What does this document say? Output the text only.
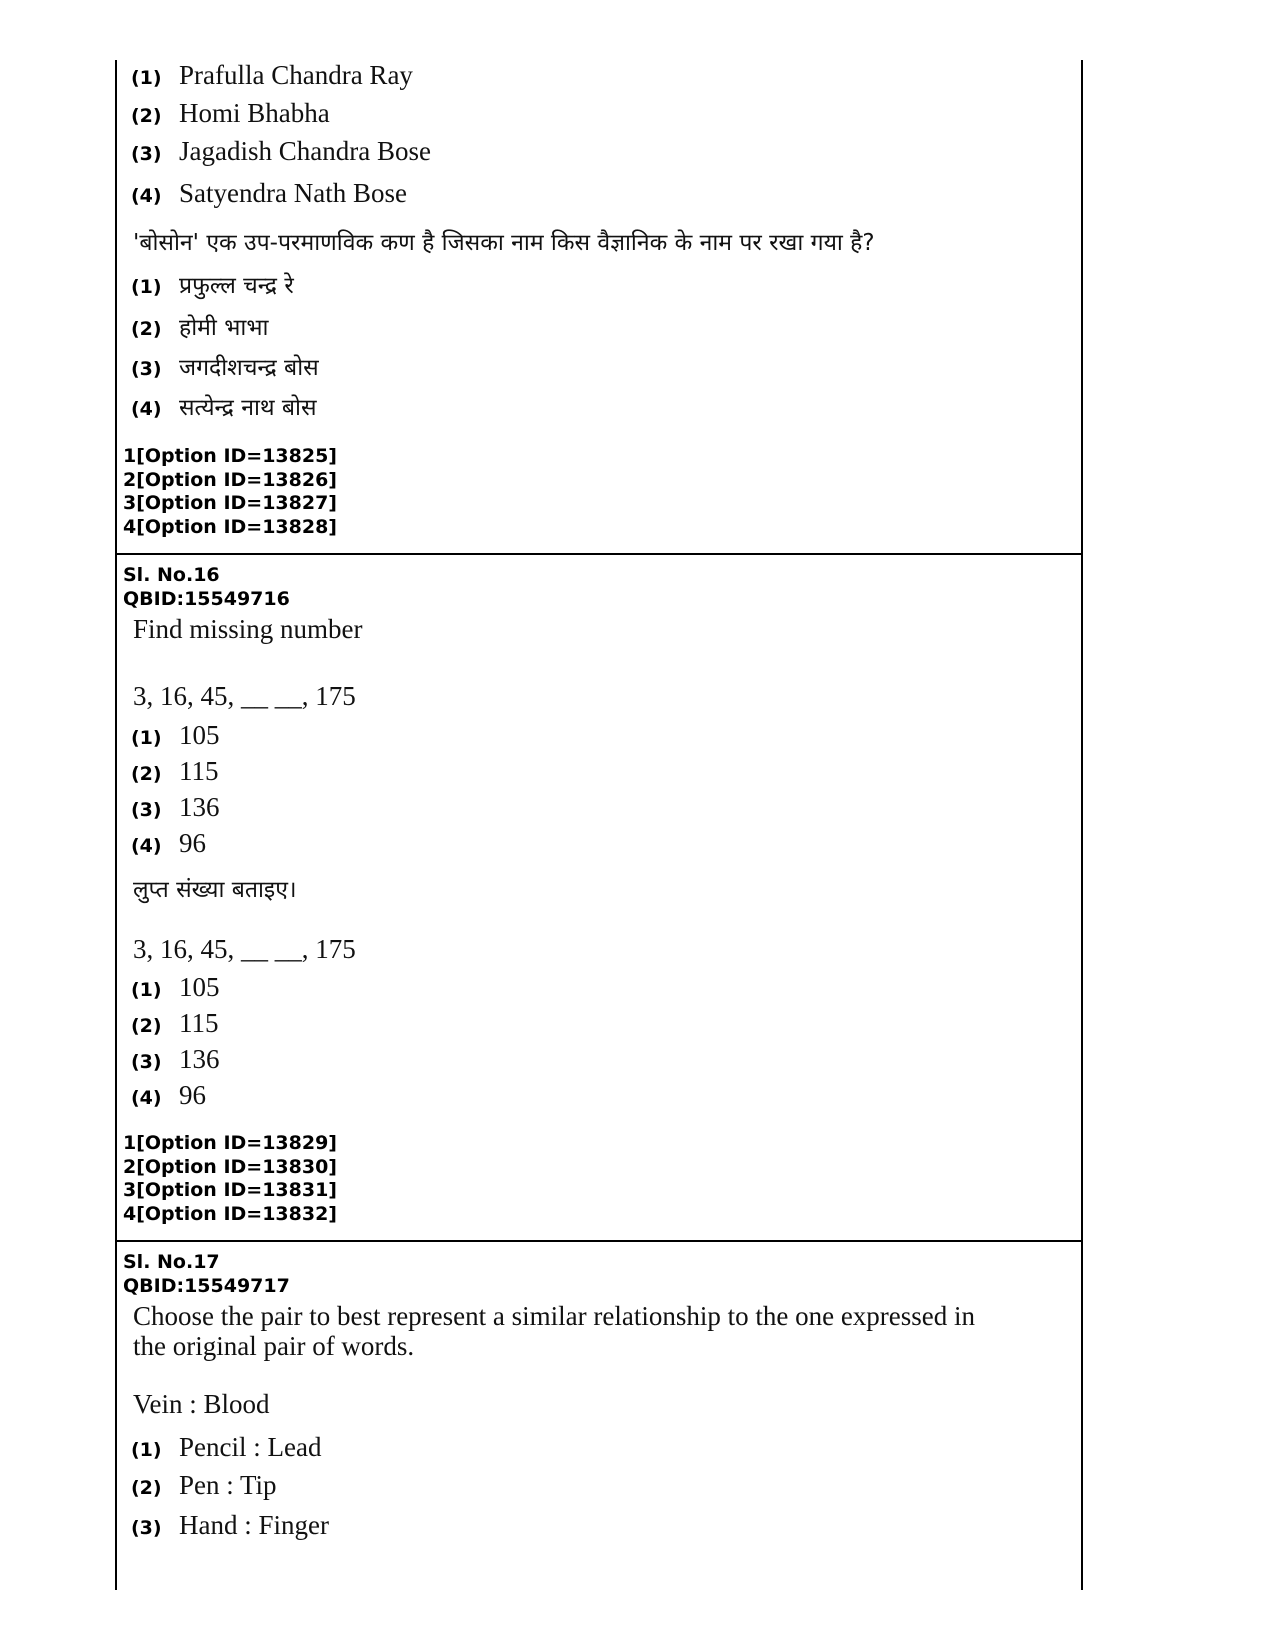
(1) Prafulla Chandra Ray
(2) Homi Bhabha
(3) Jagadish Chandra Bose
(4) Satyendra Nath Bose
'बोसोन' एक उप-परमाणविक कण है जिसका नाम किस वैज्ञानिक के नाम पर रखा गया है?
(1) प्रफुल्ल चन्द्र रे
(2) होमी भाभा
(3) जगदीशचन्द्र बोस
(4) सत्येन्द्र नाथ बोस
1[Option ID=13825]
2[Option ID=13826]
3[Option ID=13827]
4[Option ID=13828]
Sl. No.16
QBID:15549716
Find missing number
3, 16, 45, __ __, 175
(1) 105
(2) 115
(3) 136
(4) 96
लुप्त संख्या बताइए।
3, 16, 45, __ __, 175
(1) 105
(2) 115
(3) 136
(4) 96
1[Option ID=13829]
2[Option ID=13830]
3[Option ID=13831]
4[Option ID=13832]
Sl. No.17
QBID:15549717
Choose the pair to best represent a similar relationship to the one expressed in
the original pair of words.
Vein : Blood
(1) Pencil : Lead
(2) Pen : Tip
(3) Hand : Finger
